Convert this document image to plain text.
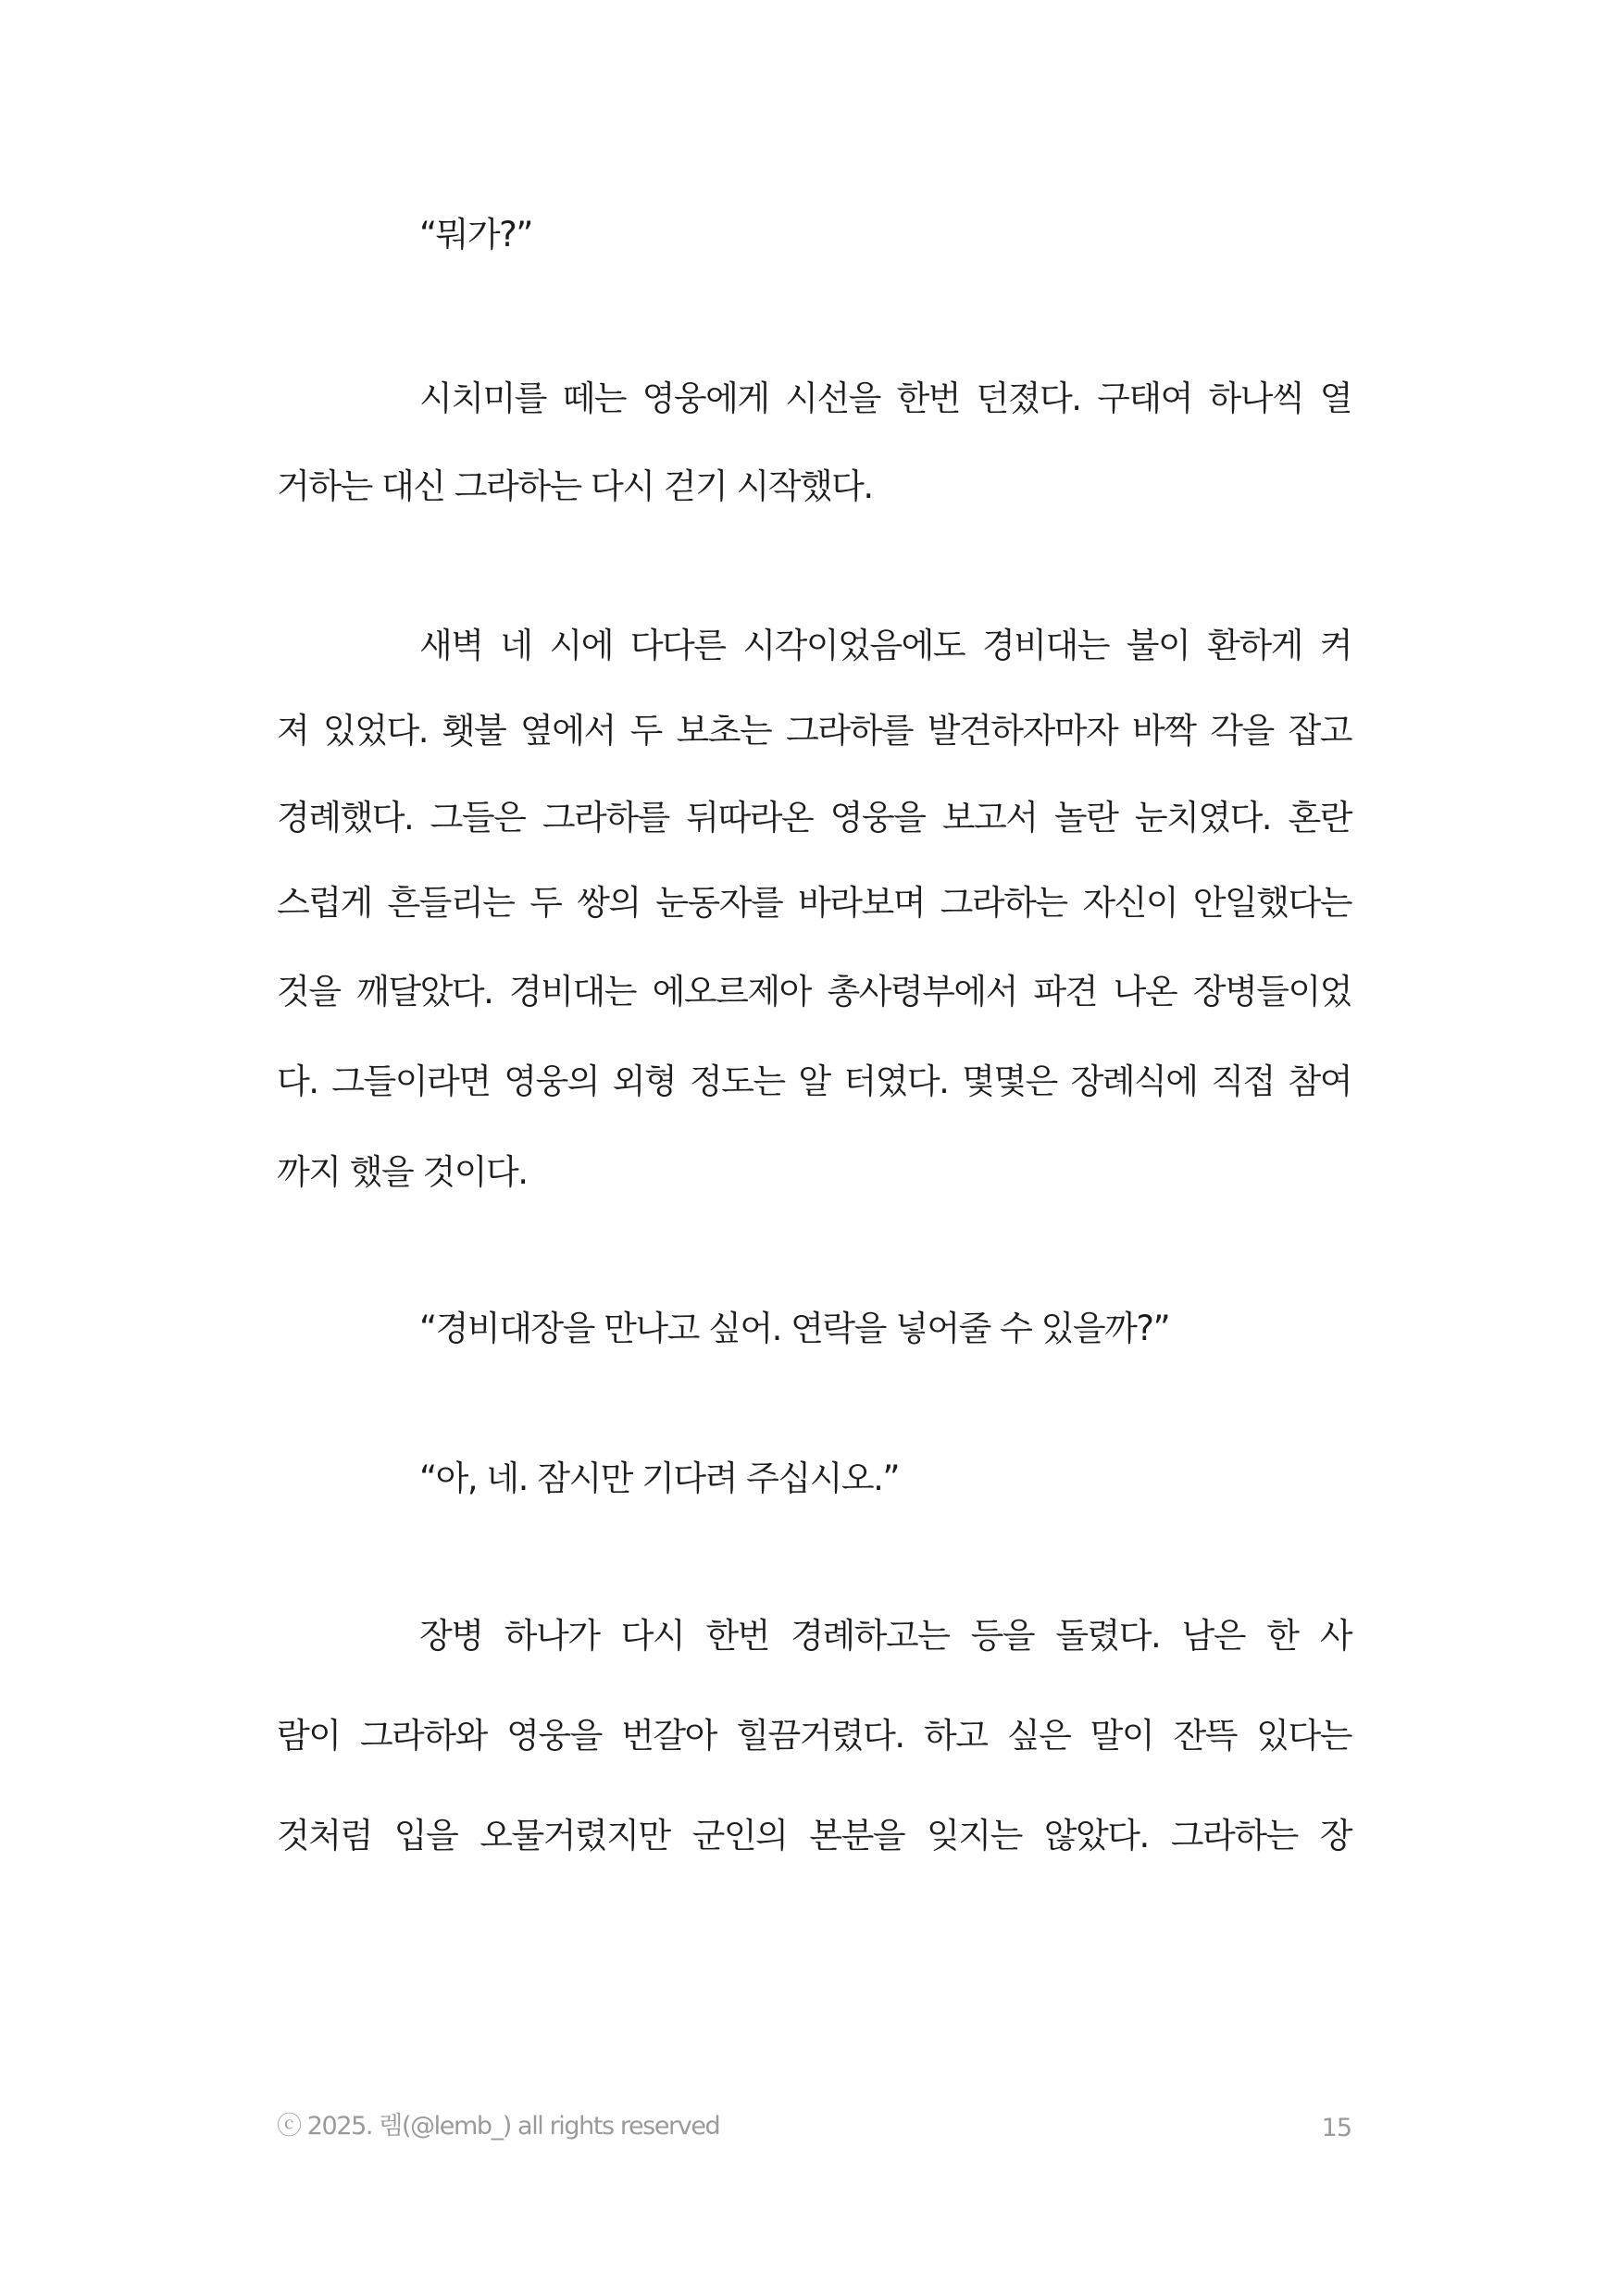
“뭐가?”
시치미를 떼는 영웅에게 시선을 한번 던졌다. 구태여 하나씩 열
거하는 대신 그라하는 다시 걷기 시작했다.
새벽 네 시에 다다른 시각이었음에도 경비대는 불이 환하게 켜
져 있었다. 횃불 옆에서 두 보초는 그라하를 발견하자마자 바짝 각을 잡고
경례했다. 그들은 그라하를 뒤따라온 영웅을 보고서 놀란 눈치였다. 혼란
스럽게 흔들리는 두 쌍의 눈동자를 바라보며 그라하는 자신이 안일했다는
것을 깨달았다. 경비대는 에오르제아 총사령부에서 파견 나온 장병들이었
다. 그들이라면 영웅의 외형 정도는 알 터였다. 몇몇은 장례식에 직접 참여
까지 했을 것이다.
“경비대장을 만나고 싶어. 연락을 넣어줄 수 있을까?”
“아, 네. 잠시만 기다려 주십시오.”
장병 하나가 다시 한번 경례하고는 등을 돌렸다. 남은 한 사
람이 그라하와 영웅을 번갈아 힐끔거렸다. 하고 싶은 말이 잔뜩 있다는
것처럼 입을 오물거렸지만 군인의 본분을 잊지는 않았다. 그라하는 장
ⓒ 2025. 렘(@lemb_) all rights reserved	15
